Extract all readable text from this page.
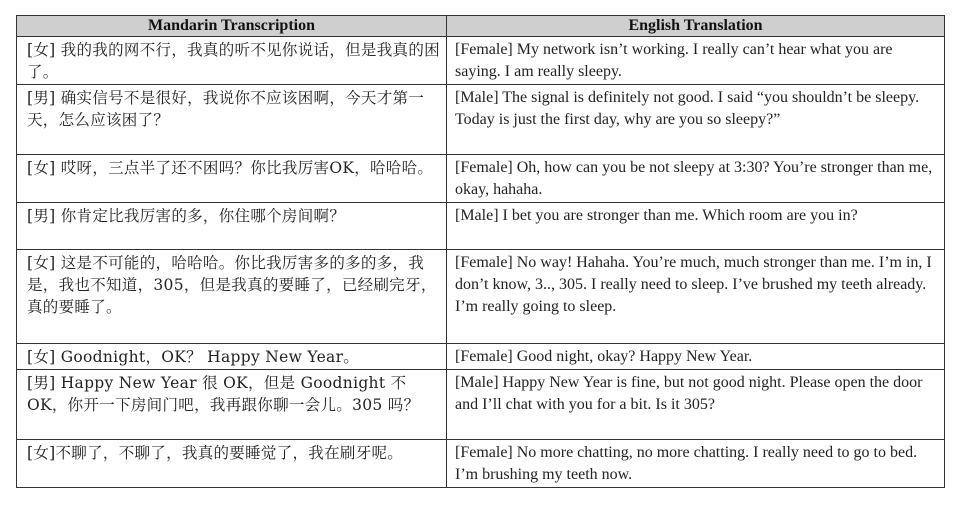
Mandarin Transcription	English Translation
[女] 我的我的网不行，我真的听不见你说话，但是我真的困了。	[Female] My network isn’t working. I really can’t hear what you are saying. I am really sleepy.
[男] 确实信号不是很好，我说你不应该困啊，今天才第一天，怎么应该困了？	[Male] The signal is definitely not good. I said “you shouldn’t be sleepy. Today is just the first day, why are you so sleepy?”
[女] 哎呀，三点半了还不困吗？你比我厉害OK，哈哈哈。	[Female] Oh, how can you be not sleepy at 3:30? You’re stronger than me, okay, hahaha.
[男] 你肯定比我厉害的多，你住哪个房间啊？	[Male] I bet you are stronger than me. Which room are you in?
[女] 这是不可能的，哈哈哈。你比我厉害多的多的多，我是，我也不知道，305，但是我真的要睡了，已经刷完牙，真的要睡了。	[Female] No way! Hahaha. You’re much, much stronger than me. I’m in, I don’t know, 3.., 305. I really need to sleep. I’ve brushed my teeth already. I’m really going to sleep.
[女] Goodnight，OK？ Happy New Year。	[Female] Good night, okay? Happy New Year.
[男] Happy New Year 很 OK，但是 Goodnight 不 OK，你开一下房间门吧，我再跟你聊一会儿。305 吗？	[Male] Happy New Year is fine, but not good night. Please open the door and I’ll chat with you for a bit. Is it 305?
[女]不聊了，不聊了，我真的要睡觉了，我在刷牙呢。	[Female] No more chatting, no more chatting. I really need to go to bed. I’m brushing my teeth now.
